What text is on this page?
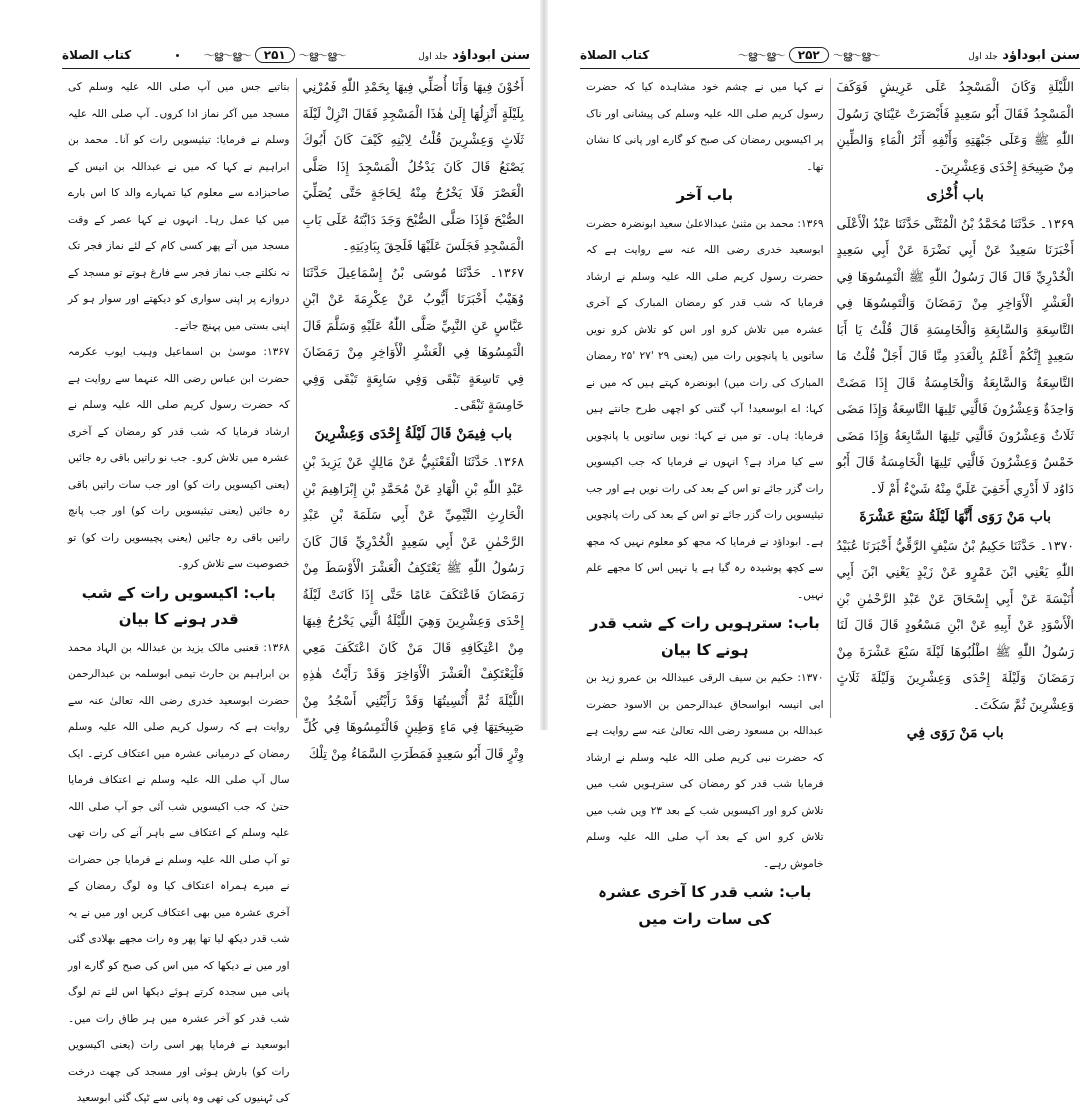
کتاب الصلاة	〜ൠ〜ൠ〜	۲۵۱	〜ൠ〜ൠ〜	سنن ابوداؤد جلد اول

أَخُوْنَ فِيهَا وَأَنَا أُصَلِّي فِيهَا بِحَمْدِ اللّٰهِ فَمُرْنِي بِلَيْلَةٍ أَنْزِلُهَا إِلَىٰ هٰذَا الْمَسْجِدِ فَقَالَ انْزِلْ لَيْلَةَ ثَلَاثٍ وَعِشْرِينَ قُلْتُ لِابْنِهِ كَيْفَ كَانَ أَبُوكَ يَصْنَعُ قَالَ كَانَ يَدْخُلُ الْمَسْجِدَ إِذَا صَلَّى الْعَصْرَ فَلَا يَخْرُجُ مِنْهُ لِحَاجَةٍ حَتَّى يُصَلِّيَ الصُّبْحَ فَإِذَا صَلَّى الصُّبْحَ وَجَدَ دَابَّتَهُ عَلَى بَابِ الْمَسْجِدِ فَجَلَسَ عَلَيْهَا فَلَحِقَ بِبَادِيَتِهِ۔

۱۳۶۷۔ حَدَّثَنَا مُوسَى بْنُ إِسْمَاعِيلَ حَدَّثَنَا وُهَيْبٌ أَخْبَرَنَا أَيُّوبُ عَنْ عِكْرِمَةَ عَنْ ابْنِ عَبَّاسٍ عَنِ النَّبِيِّ صَلَّى اللّٰهُ عَلَيْهِ وَسَلَّمَ قَالَ الْتَمِسُوهَا فِي الْعَشْرِ الْأَوَاخِرِ مِنْ رَمَضَانَ فِي تَاسِعَةٍ تَبْقَى وَفِي سَابِعَةٍ تَبْقَى وَفِي خَامِسَةٍ تَبْقَى۔

باب فِيمَنْ قَالَ لَيْلَةُ إِحْدَى وَعِشْرِينَ

۱۳۶۸۔ حَدَّثَنَا الْقَعْنَبِيُّ عَنْ مَالِكٍ عَنْ يَزِيدَ بْنِ عَبْدِ اللّٰهِ بْنِ الْهَادِ عَنْ مُحَمَّدِ بْنِ إِبْرَاهِيمَ بْنِ الْحَارِثِ التَّيْمِيِّ عَنْ أَبِي سَلَمَةَ بْنِ عَبْدِ الرَّحْمٰنِ عَنْ أَبِي سَعِيدٍ الْخُدْرِيِّ قَالَ كَانَ رَسُولُ اللّٰهِ ﷺ يَعْتَكِفُ الْعَشْرَ الْأَوْسَطَ مِنْ رَمَضَانَ فَاعْتَكَفَ عَامًا حَتَّى إِذَا كَانَتْ لَيْلَةُ إِحْدَى وَعِشْرِينَ وَهِيَ اللَّيْلَةُ الَّتِي يَخْرُجُ فِيهَا مِنْ اعْتِكَافِهِ قَالَ مَنْ كَانَ اعْتَكَفَ مَعِي فَلْيَعْتَكِفْ الْعَشْرَ الْأَوَاخِرَ وَقَدْ رَأَيْتُ هٰذِهِ اللَّيْلَةَ ثُمَّ أُنْسِيتُهَا وَقَدْ رَأَيْتُنِي أَسْجُدُ مِنْ صَبِيحَتِهَا فِي مَاءٍ وَطِينٍ فَالْتَمِسُوهَا فِي كُلِّ وِتْرٍ قَالَ أَبُو سَعِيدٍ فَمَطَرَتِ السَّمَاءُ مِنْ تِلْكَ

بتاتیے جس میں آپ صلی اللہ علیہ وسلم کی مسجد میں آکر نماز ادا کروں۔ آپ صلی اللہ علیہ وسلم نے فرمایا: تیئیسویں رات کو آنا۔ محمد بن ابراہیم نے کہا کہ میں نے عبداللہ بن انیس کے صاحبزادے سے معلوم کیا تمہارے والد کا اس بارے میں کیا عمل رہا۔ انہوں نے کہا عصر کے وقت مسجد میں آتے پھر کسی کام کے لئے نماز فجر تک نہ نکلتے جب نماز فجر سے فارغ ہوتے تو مسجد کے دروازے پر اپنی سواری کو دیکھتے اور سوار ہو کر اپنی بستی میں پہنچ جاتے۔

۱۳۶۷: موسیٰ بن اسماعیل وہیب ایوب عکرمہ حضرت ابن عباس رضی اللہ عنہما سے روایت ہے کہ حضرت رسول کریم صلی اللہ علیہ وسلم نے ارشاد فرمایا کہ شب قدر کو رمضان کے آخری عشرہ میں تلاش کرو۔ جب نو راتیں باقی رہ جائیں (یعنی اکیسویں رات کو) اور جب سات راتیں باقی رہ جائیں (یعنی تیئیسویں رات کو) اور جب پانچ راتیں باقی رہ جائیں (یعنی پچیسویں رات کو) تو خصوصیت سے تلاش کرو۔

باب: اکیسویں رات کے شب قدر ہونے کا بیان

۱۳۶۸: قعنبی مالک یزید بن عبداللہ بن الہاد محمد بن ابراہیم بن حارث تیمی ابوسلمہ بن عبدالرحمن حضرت ابوسعید خدری رضی اللہ تعالیٰ عنہ سے روایت ہے کہ رسول کریم صلی اللہ علیہ وسلم رمضان کے درمیانی عشرہ میں اعتکاف کرتے۔ ایک سال آپ صلی اللہ علیہ وسلم نے اعتکاف فرمایا حتیٰ کہ جب اکیسویں شب آئی جو آپ صلی اللہ علیہ وسلم کے اعتکاف سے باہر آنے کی رات تھی تو آپ صلی اللہ علیہ وسلم نے فرمایا جن حضرات نے میرے ہمراہ اعتکاف کیا وہ لوگ رمضان کے آخری عشرہ میں بھی اعتکاف کریں اور میں نے یہ شب قدر دیکھ لیا تھا پھر وہ رات مجھے بھلادی گئی اور میں نے دیکھا کہ میں اس کی صبح کو گارے اور پانی میں سجدہ کرتے ہوئے دیکھا اس لئے تم لوگ شب قدر کو آخر عشرہ میں ہر طاق رات میں۔ ابوسعید نے فرمایا پھر اسی رات (یعنی اکیسویں رات کو) بارش ہوئی اور مسجد کی چھت درخت کی ٹہنیوں کی تھی وہ پانی سے ٹپک گئی ابوسعید

کتاب الصلاة	〜ൠ〜ൠ〜	۲۵۲	〜ൠ〜ൠ〜	سنن ابوداؤد جلد اول

اللَّيْلَةِ وَكَانَ الْمَسْجِدُ عَلَى عَرِيشٍ فَوَكَفَ الْمَسْجِدُ فَقَالَ أَبُو سَعِيدٍ فَأَبْصَرَتْ عَيْنَايَ رَسُولَ اللّٰهِ ﷺ وَعَلَى جَبْهَتِهِ وَأَنْفِهِ أَثَرُ الْمَاءِ وَالطِّينِ مِنْ صَبِيحَةِ إِحْدَى وَعِشْرِينَ۔

باب أُخْرٰى

۱۳۶۹۔ حَدَّثَنَا مُحَمَّدُ بْنُ الْمُثَنَّى حَدَّثَنَا عَبْدُ الْأَعْلَى أَخْبَرَنَا سَعِيدٌ عَنْ أَبِي نَضْرَةَ عَنْ أَبِي سَعِيدٍ الْخُدْرِيِّ قَالَ قَالَ رَسُولُ اللّٰهِ ﷺ الْتَمِسُوهَا فِي الْعَشْرِ الْأَوَاخِرِ مِنْ رَمَضَانَ وَالْتَمِسُوهَا فِي التَّاسِعَةِ وَالسَّابِعَةِ وَالْخَامِسَةِ قَالَ قُلْتُ يَا أَبَا سَعِيدٍ إِنَّكُمْ أَعْلَمُ بِالْعَدَدِ مِنَّا قَالَ أَجَلْ قُلْتُ مَا التَّاسِعَةُ وَالسَّابِعَةُ وَالْخَامِسَةُ قَالَ إِذَا مَضَتْ وَاحِدَةٌ وَعِشْرُونَ فَالَّتِي تَلِيهَا التَّاسِعَةُ وَإِذَا مَضَى ثَلَاثٌ وَعِشْرُونَ فَالَّتِي تَلِيهَا السَّابِعَةُ وَإِذَا مَضَى خَمْسٌ وَعِشْرُونَ فَالَّتِي تَلِيهَا الْخَامِسَةُ قَالَ أَبُو دَاوُد لَا أَدْرِي أَخَفِيَ عَلَيَّ مِنْهُ شَيْءٌ أَمْ لَا۔

باب مَنْ رَوَى أَنَّهَا لَيْلَةُ سَبْعَ عَشْرَةَ

۱۳۷۰۔ حَدَّثَنَا حَكِيمُ بْنُ سَيْفٍ الرَّقِّيُّ أَخْبَرَنَا عُبَيْدُ اللّٰهِ يَعْنِي ابْنَ عَمْرٍو عَنْ زَيْدٍ يَعْنِي ابْنَ أَبِي أُنَيْسَةَ عَنْ أَبِي إِسْحَاقَ عَنْ عَبْدِ الرَّحْمٰنِ بْنِ الْأَسْوَدِ عَنْ أَبِيهِ عَنْ ابْنِ مَسْعُودٍ قَالَ قَالَ لَنَا رَسُولُ اللّٰهِ ﷺ اطْلُبُوهَا لَيْلَةَ سَبْعَ عَشْرَةَ مِنْ رَمَضَانَ وَلَيْلَةَ إِحْدَى وَعِشْرِينَ وَلَيْلَةَ ثَلَاثٍ وَعِشْرِينَ ثُمَّ سَكَتَ۔

باب مَنْ رَوَى فِي

نے کہا میں نے چشم خود مشاہدہ کیا کہ حضرت رسول کریم صلی اللہ علیہ وسلم کی پیشانی اور ناک پر اکیسویں رمضان کی صبح کو گارے اور پانی کا نشان تھا۔

باب آخر

۱۳۶۹: محمد بن مثنیٰ عبدالاعلیٰ سعید ابونضرہ حضرت ابوسعید خدری رضی اللہ عنہ سے روایت ہے کہ حضرت رسول کریم صلی اللہ علیہ وسلم نے ارشاد فرمایا کہ شب قدر کو رمضان المبارک کے آخری عشرہ میں تلاش کرو اور اس کو تلاش کرو نویں ساتویں یا پانچویں رات میں (یعنی ۲۹ '۲۷ '۲۵ رمضان المبارک کی رات میں) ابونضرہ کہتے ہیں کہ میں نے کہا: اے ابوسعید! آپ گنتی کو اچھی طرح جانتے ہیں فرمایا: ہاں۔ تو میں نے کہا: نویں ساتویں یا پانچویں سے کیا مراد ہے؟ انہوں نے فرمایا کہ جب اکیسویں رات گزر جائے تو اس کے بعد کی رات نویں ہے اور جب تیئیسویں رات گزر جائے تو اس کے بعد کی رات پانچویں ہے۔ ابوداؤد نے فرمایا کہ مجھ کو معلوم نہیں کہ مجھ سے کچھ پوشیدہ رہ گیا ہے یا نہیں اس کا مجھے علم نہیں۔

باب: سترہویں رات کے شب قدر ہونے کا بیان

۱۳۷۰: حکیم بن سیف الرقی عبیداللہ بن عمرو زید بن ابی انیسہ ابواسحاق عبدالرحمن بن الاسود حضرت عبداللہ بن مسعود رضی اللہ تعالیٰ عنہ سے روایت ہے کہ حضرت نبی کریم صلی اللہ علیہ وسلم نے ارشاد فرمایا شب قدر کو رمضان کی سترہویں شب میں تلاش کرو اور اکیسویں شب کے بعد ۲۳ ویں شب میں تلاش کرو اس کے بعد آپ صلی اللہ علیہ وسلم خاموش رہے۔

باب: شب قدر کا آخری عشرہ کی سات رات میں
